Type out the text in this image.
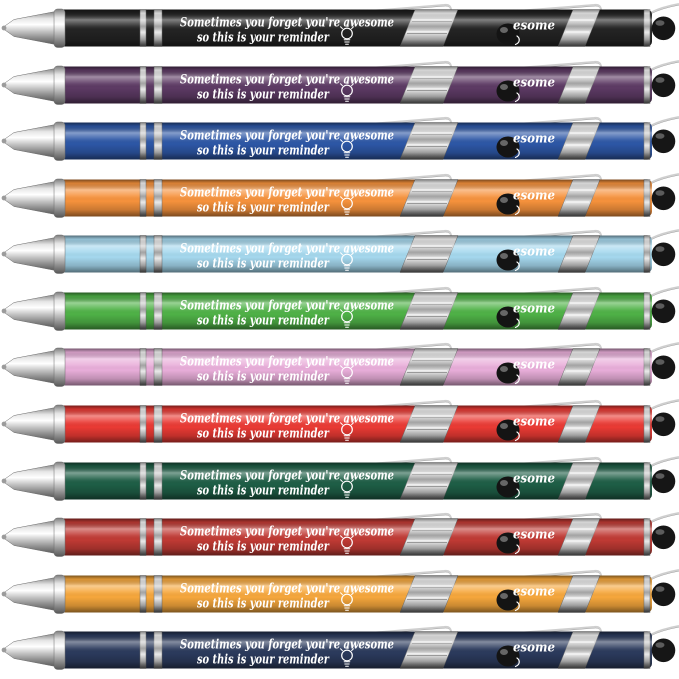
Sometimes you forget you're awesome
so this is your reminder
esome
Sometimes you forget you're awesome
so this is your reminder
esome
Sometimes you forget you're awesome
so this is your reminder
esome
Sometimes you forget you're awesome
so this is your reminder
esome
Sometimes you forget you're awesome
so this is your reminder
esome
Sometimes you forget you're awesome
so this is your reminder
esome
Sometimes you forget you're awesome
so this is your reminder
esome
Sometimes you forget you're awesome
so this is your reminder
esome
Sometimes you forget you're awesome
so this is your reminder
esome
Sometimes you forget you're awesome
so this is your reminder
esome
Sometimes you forget you're awesome
so this is your reminder
esome
Sometimes you forget you're awesome
so this is your reminder
esome
